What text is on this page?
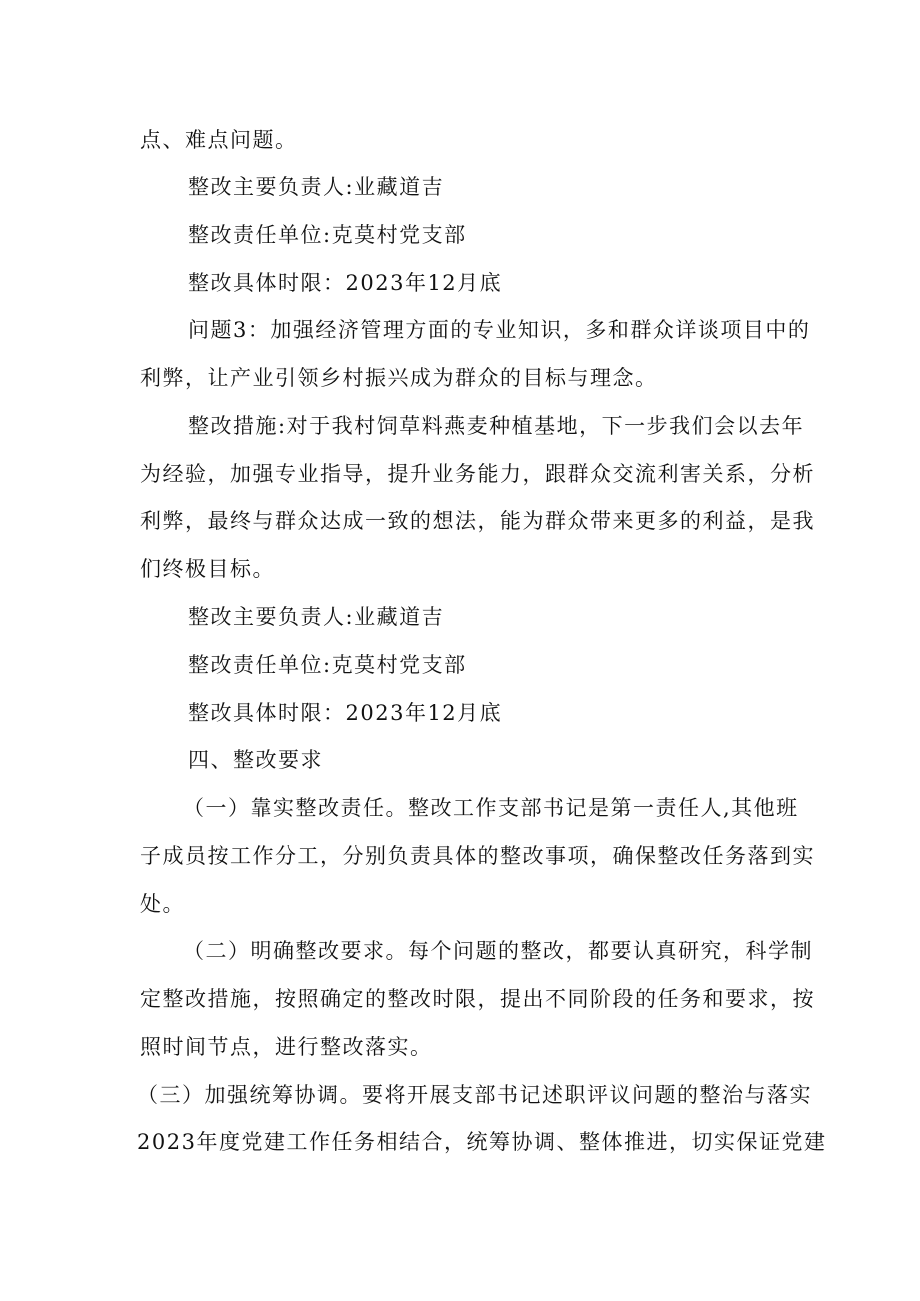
点、难点问题。
整改主要负责人:业藏道吉
整改责任单位:克莫村党支部
整改具体时限：2023年12月底
问题3：加强经济管理方面的专业知识，多和群众详谈项目中的
利弊，让产业引领乡村振兴成为群众的目标与理念。
整改措施:对于我村饲草料燕麦种植基地，下一步我们会以去年
为经验，加强专业指导，提升业务能力，跟群众交流利害关系，分析
利弊，最终与群众达成一致的想法，能为群众带来更多的利益，是我
们终极目标。
整改主要负责人:业藏道吉
整改责任单位:克莫村党支部
整改具体时限：2023年12月底
四、整改要求
（一）靠实整改责任。整改工作支部书记是第一责任人,其他班
子成员按工作分工，分别负责具体的整改事项，确保整改任务落到实
处。
（二）明确整改要求。每个问题的整改，都要认真研究，科学制
定整改措施，按照确定的整改时限，提出不同阶段的任务和要求，按
照时间节点，进行整改落实。
（三）加强统筹协调。要将开展支部书记述职评议问题的整治与落实
2023年度党建工作任务相结合，统筹协调、整体推进，切实保证党建
